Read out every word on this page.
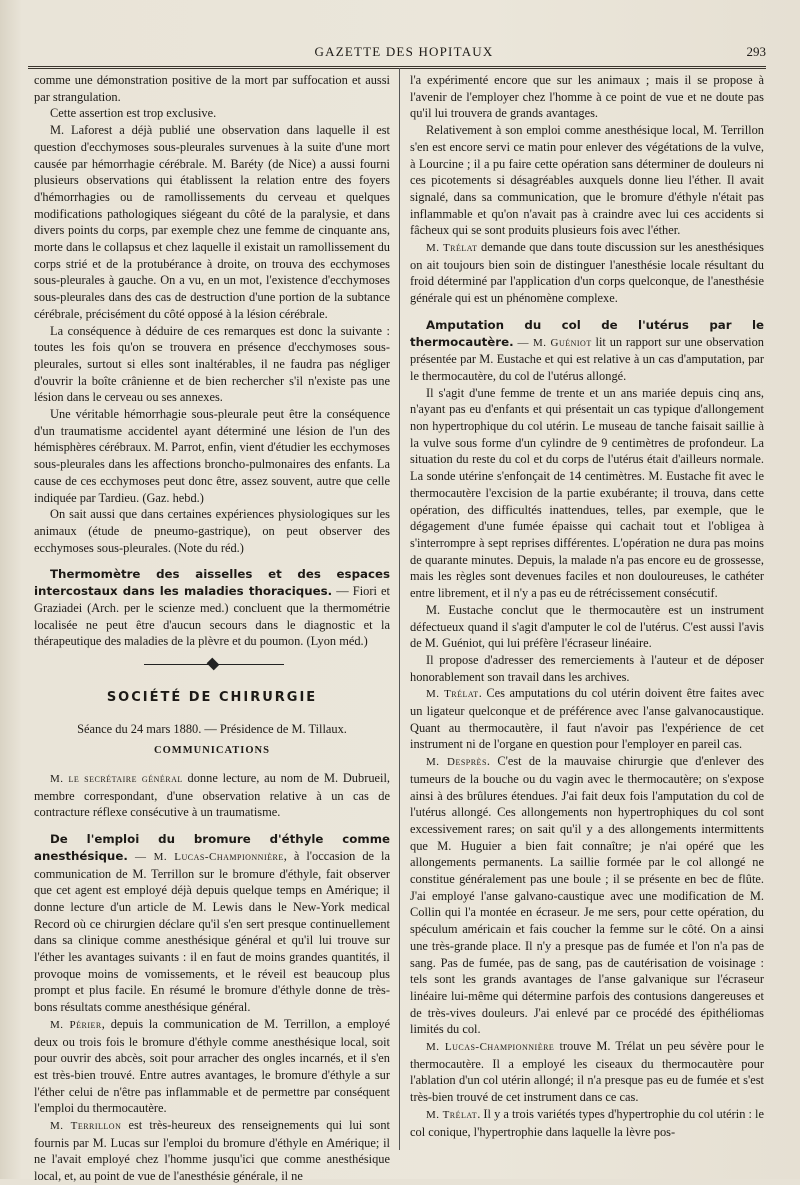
GAZETTE DES HOPITAUX	293

comme une démonstration positive de la mort par suffocation et aussi par strangulation.

Cette assertion est trop exclusive.

M. Laforest a déjà publié une observation dans laquelle il est question d'ecchymoses sous-pleurales survenues à la suite d'une mort causée par hémorrhagie cérébrale. M. Baréty (de Nice) a aussi fourni plusieurs observations qui établissent la relation entre des foyers d'hémorrhagies ou de ramollissements du cerveau et quelques modifications pathologiques siégeant du côté de la paralysie, et dans divers points du corps, par exemple chez une femme de cinquante ans, morte dans le collapsus et chez laquelle il existait un ramollissement du corps strié et de la protubérance à droite, on trouva des ecchymoses sous-pleurales à gauche. On a vu, en un mot, l'existence d'ecchymoses sous-pleurales dans des cas de destruction d'une portion de la subtance cérébrale, précisément du côté opposé à la lésion cérébrale.

La conséquence à déduire de ces remarques est donc la suivante : toutes les fois qu'on se trouvera en présence d'ecchymoses sous-pleurales, surtout si elles sont inaltérables, il ne faudra pas négliger d'ouvrir la boîte crânienne et de bien rechercher s'il n'existe pas une lésion dans le cerveau ou ses annexes.

Une véritable hémorrhagie sous-pleurale peut être la conséquence d'un traumatisme accidentel ayant déterminé une lésion de l'un des hémisphères cérébraux. M. Parrot, enfin, vient d'étudier les ecchymoses sous-pleurales dans les affections broncho-pulmonaires des enfants. La cause de ces ecchymoses peut donc être, assez souvent, autre que celle indiquée par Tardieu. (Gaz. hebd.)

On sait aussi que dans certaines expériences physiologiques sur les animaux (étude de pneumo-gastrique), on peut observer des ecchymoses sous-pleurales. (Note du réd.)

Thermomètre des aisselles et des espaces intercostaux dans les maladies thoraciques. — Fiori et Graziadei (Arch. per le scienze med.) concluent que la thermométrie localisée ne peut être d'aucun secours dans le diagnostic et la thérapeutique des maladies de la plèvre et du poumon. (Lyon méd.)

SOCIÉTÉ DE CHIRURGIE

Séance du 24 mars 1880. — Présidence de M. Tillaux.

COMMUNICATIONS

M. le secrétaire général donne lecture, au nom de M. Dubrueil, membre correspondant, d'une observation relative à un cas de contracture réflexe consécutive à un traumatisme.

De l'emploi du bromure d'éthyle comme anesthésique. — M. Lucas-Championnière, à l'occasion de la communication de M. Terrillon sur le bromure d'éthyle, fait observer que cet agent est employé déjà depuis quelque temps en Amérique; il donne lecture d'un article de M. Lewis dans le New-York medical Record où ce chirurgien déclare qu'il s'en sert presque continuellement dans sa clinique comme anesthésique général et qu'il lui trouve sur l'éther les avantages suivants : il en faut de moins grandes quantités, il provoque moins de vomissements, et le réveil est beaucoup plus prompt et plus facile. En résumé le bromure d'éthyle donne de très-bons résultats comme anesthésique général.

M. Périer, depuis la communication de M. Terrillon, a employé deux ou trois fois le bromure d'éthyle comme anesthésique local, soit pour ouvrir des abcès, soit pour arracher des ongles incarnés, et il s'en est très-bien trouvé. Entre autres avantages, le bromure d'éthyle a sur l'éther celui de n'être pas inflammable et de permettre par conséquent l'emploi du thermocautère.

M. Terrillon est très-heureux des renseignements qui lui sont fournis par M. Lucas sur l'emploi du bromure d'éthyle en Amérique; il ne l'avait employé chez l'homme jusqu'ici que comme anesthésique local, et, au point de vue de l'anesthésie générale, il ne

l'a expérimenté encore que sur les animaux ; mais il se propose à l'avenir de l'employer chez l'homme à ce point de vue et ne doute pas qu'il lui trouvera de grands avantages.

Relativement à son emploi comme anesthésique local, M. Terrillon s'en est encore servi ce matin pour enlever des végétations de la vulve, à Lourcine ; il a pu faire cette opération sans déterminer de douleurs ni ces picotements si désagréables auxquels donne lieu l'éther. Il avait signalé, dans sa communication, que le bromure d'éthyle n'était pas inflammable et qu'on n'avait pas à craindre avec lui ces accidents si fâcheux qui se sont produits plusieurs fois avec l'éther.

M. Trélat demande que dans toute discussion sur les anesthésiques on ait toujours bien soin de distinguer l'anesthésie locale résultant du froid déterminé par l'application d'un corps quelconque, de l'anesthésie générale qui est un phénomène complexe.

Amputation du col de l'utérus par le thermocautère. — M. Guéniot lit un rapport sur une observation présentée par M. Eustache et qui est relative à un cas d'amputation, par le thermocautère, du col de l'utérus allongé.

Il s'agit d'une femme de trente et un ans mariée depuis cinq ans, n'ayant pas eu d'enfants et qui présentait un cas typique d'allongement non hypertrophique du col utérin. Le museau de tanche faisait saillie à la vulve sous forme d'un cylindre de 9 centimètres de profondeur. La situation du reste du col et du corps de l'utérus était d'ailleurs normale. La sonde utérine s'enfonçait de 14 centimètres. M. Eustache fit avec le thermocautère l'excision de la partie exubérante; il trouva, dans cette opération, des difficultés inattendues, telles, par exemple, que le dégagement d'une fumée épaisse qui cachait tout et l'obligea à s'interrompre à sept reprises différentes. L'opération ne dura pas moins de quarante minutes. Depuis, la malade n'a pas encore eu de grossesse, mais les règles sont devenues faciles et non douloureuses, le cathéter entre librement, et il n'y a pas eu de rétrécissement consécutif.

M. Eustache conclut que le thermocautère est un instrument défectueux quand il s'agit d'amputer le col de l'utérus. C'est aussi l'avis de M. Guéniot, qui lui préfère l'écraseur linéaire.

Il propose d'adresser des remerciements à l'auteur et de déposer honorablement son travail dans les archives.

M. Trélat. Ces amputations du col utérin doivent être faites avec un ligateur quelconque et de préférence avec l'anse galvanocaustique. Quant au thermocautère, il faut n'avoir pas l'expérience de cet instrument ni de l'organe en question pour l'employer en pareil cas.

M. Desprès. C'est de la mauvaise chirurgie que d'enlever des tumeurs de la bouche ou du vagin avec le thermocautère; on s'expose ainsi à des brûlures étendues. J'ai fait deux fois l'amputation du col de l'utérus allongé. Ces allongements non hypertrophiques du col sont excessivement rares; on sait qu'il y a des allongements intermittents que M. Huguier a bien fait connaître; je n'ai opéré que les allongements permanents. La saillie formée par le col allongé ne constitue généralement pas une boule ; il se présente en bec de flûte. J'ai employé l'anse galvano-caustique avec une modification de M. Collin qui l'a montée en écraseur. Je me sers, pour cette opération, du spéculum américain et fais coucher la femme sur le côté. On a ainsi une très-grande place. Il n'y a presque pas de fumée et l'on n'a pas de sang. Pas de fumée, pas de sang, pas de cautérisation de voisinage : tels sont les grands avantages de l'anse galvanique sur l'écraseur linéaire lui-même qui détermine parfois des contusions dangereuses et de très-vives douleurs. J'ai enlevé par ce procédé des épithéliomas limités du col.

M. Lucas-Championnière trouve M. Trélat un peu sévère pour le thermocautère. Il a employé les ciseaux du thermocautère pour l'ablation d'un col utérin allongé; il n'a presque pas eu de fumée et s'est très-bien trouvé de cet instrument dans ce cas.

M. Trélat. Il y a trois variétés types d'hypertrophie du col utérin : le col conique, l'hypertrophie dans laquelle la lèvre pos-
